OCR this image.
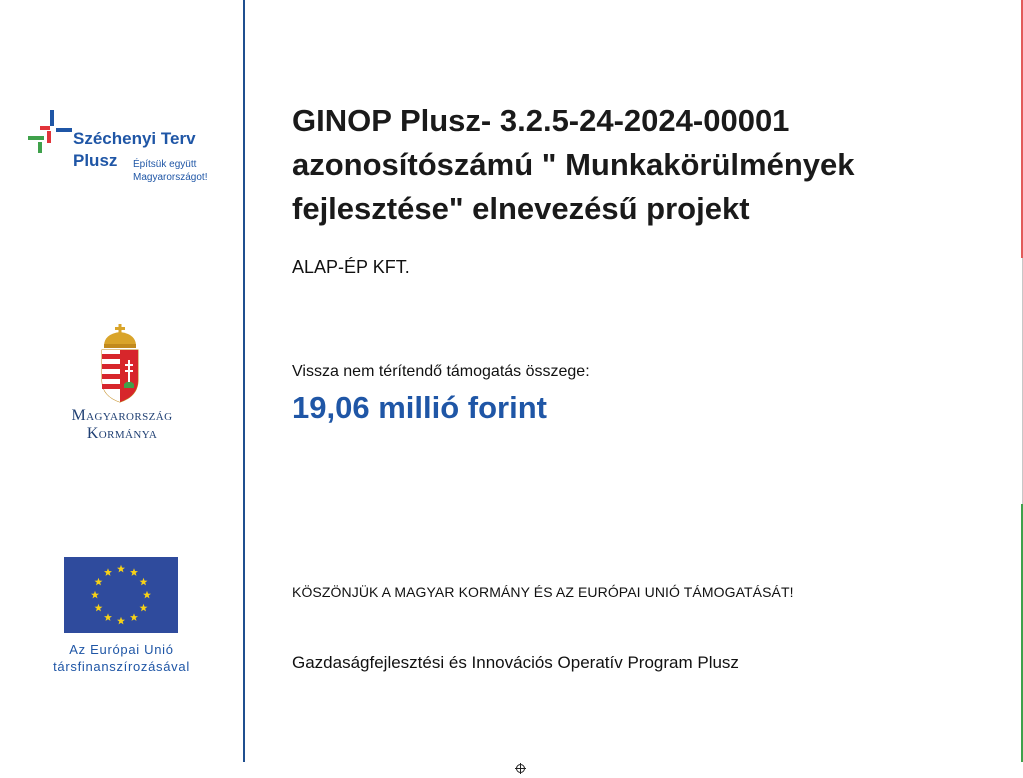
Széchenyi Terv
Plusz Építsük együtt
Magyarországot!
Magyarország
Kormánya
Az Európai Unió
társfinanszírozásával
GINOP Plusz- 3.2.5-24-2024-00001 azonosítószámú " Munkakörülmények fejlesztése" elnevezésű projekt
ALAP-ÉP KFT.
Vissza nem térítendő támogatás összege:
19,06 millió forint
KÖSZÖNJÜK A MAGYAR KORMÁNY ÉS AZ EURÓPAI UNIÓ TÁMOGATÁSÁT!
Gazdaságfejlesztési és Innovációs Operatív Program Plusz
